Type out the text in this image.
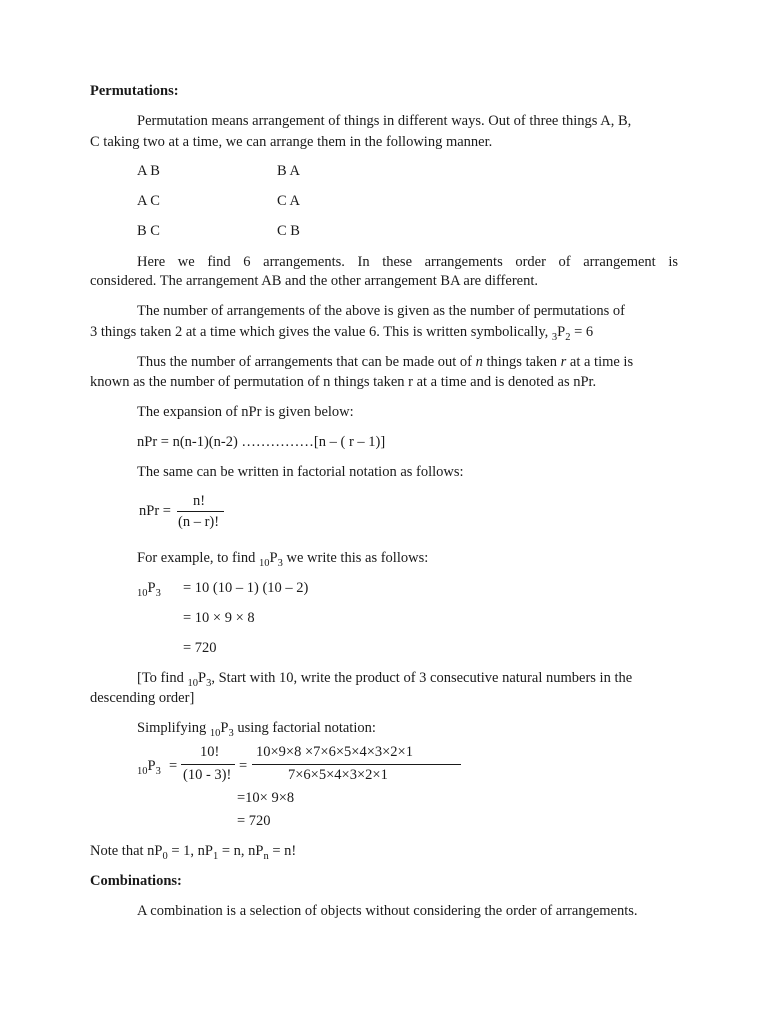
Permutations:
Permutation means arrangement of things in different ways. Out of three things A, B,
C taking two at a time, we can arrange them in the following manner.
A B	B A
A C	C A
B C	C B
Here we find 6 arrangements. In these arrangements order of arrangement is
considered. The arrangement AB and the other arrangement BA are different.
The number of arrangements of the above is given as the number of permutations of
3 things taken 2 at a time which gives the value 6. This is written symbolically, $_3P_2 = 6$
Thus the number of arrangements that can be made out of n things taken r at a time is
known as the number of permutation of n things taken r at a time and is denoted as nPr.
The expansion of nPr is given below:
nPr = n(n-1)(n-2) ……………[n – ( r – 1)]
The same can be written in factorial notation as follows:
nPr =
n!
(n – r)!
For example, to find $_{10}P_3$ we write this as follows:
$_{10}P_3 = 10$ (10 – 1) (10 – 2)
= 10 × 9 × 8
= 720
[To find $_{10}P_3$, Start with 10, write the product of 3 consecutive natural numbers in the
descending order]
Simplifying $_{10}P_3$ using factorial notation:
$_{10}P_3$ =
10!
(10 - 3)!
=
10×9×8 ×7×6×5×4×3×2×1
7×6×5×4×3×2×1
=10× 9×8
= 720
Note that $nP_0 = 1$, $nP_1 = n$, $nP_n = n$!
Combinations:
A combination is a selection of objects without considering the order of arrangements.
